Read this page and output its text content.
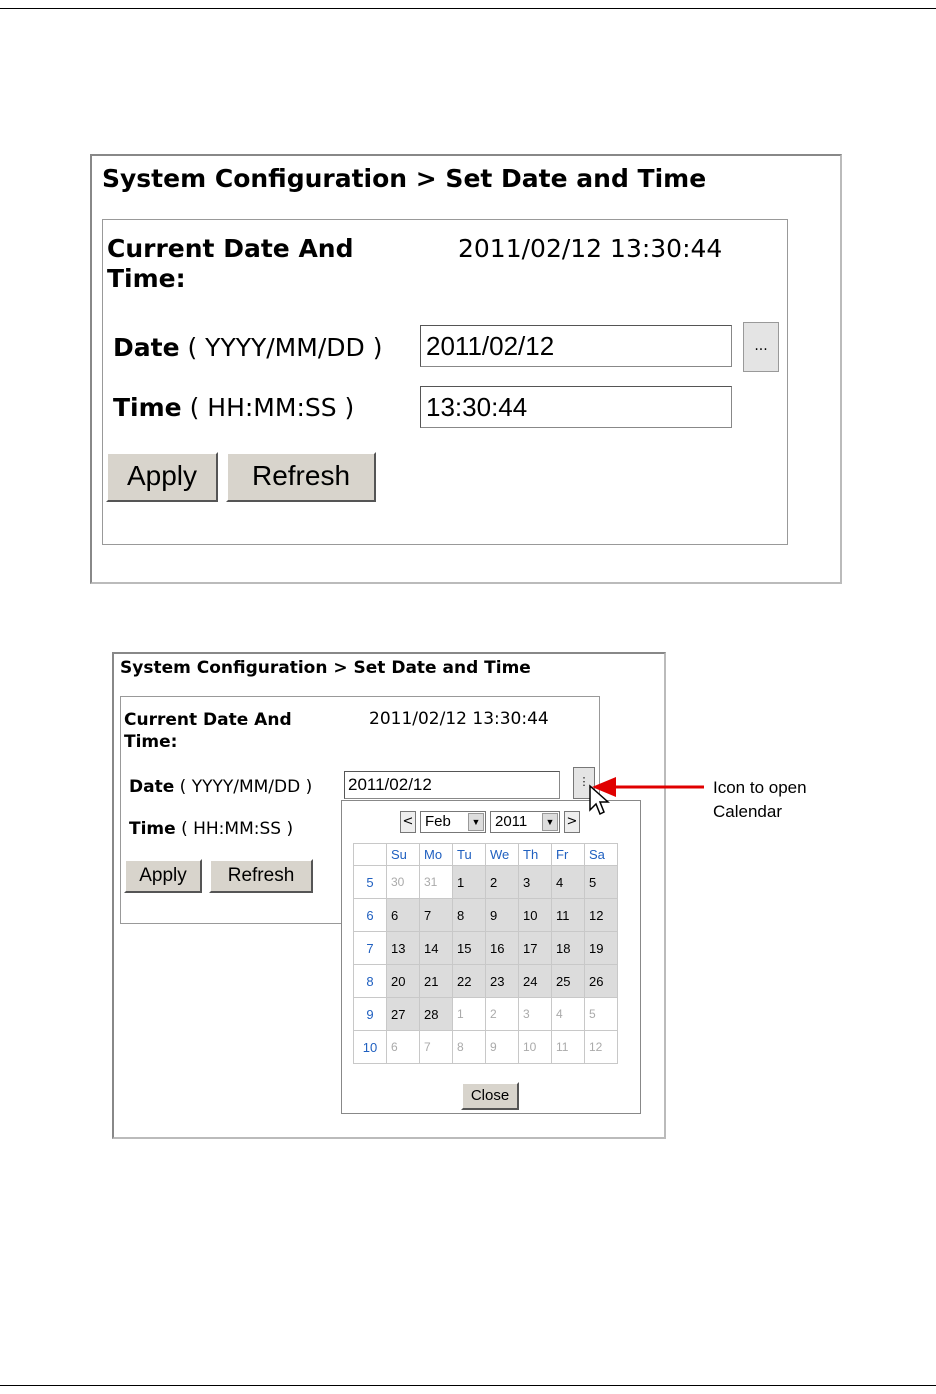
System Configuration > Set Date and Time
Current Date And Time:
2011/02/12 13:30:44
Date ( YYYY/MM/DD ) 2011/02/12	...
Time ( HH:MM:SS )	13:30:44
Apply	Refresh
System Configuration > Set Date and Time
Current Date And Time:
2011/02/12 13:30:44
Date ( YYYY/MM/DD ) 2011/02/12	⋮
Time ( HH:MM:SS )
Apply	Refresh
< Feb	▼ 2011	▼ >
	Su	Mo	Tu	We	Th	Fr	Sa
5	30	31	1	2	3	4	5
6	6	7	8	9	10	11	12
7	13	14	15	16	17	18	19
8	20	21	22	23	24	25	26
9	27	28	1	2	3	4	5
10	6	7	8	9	10	11	12
Close
Icon to open
Calendar
